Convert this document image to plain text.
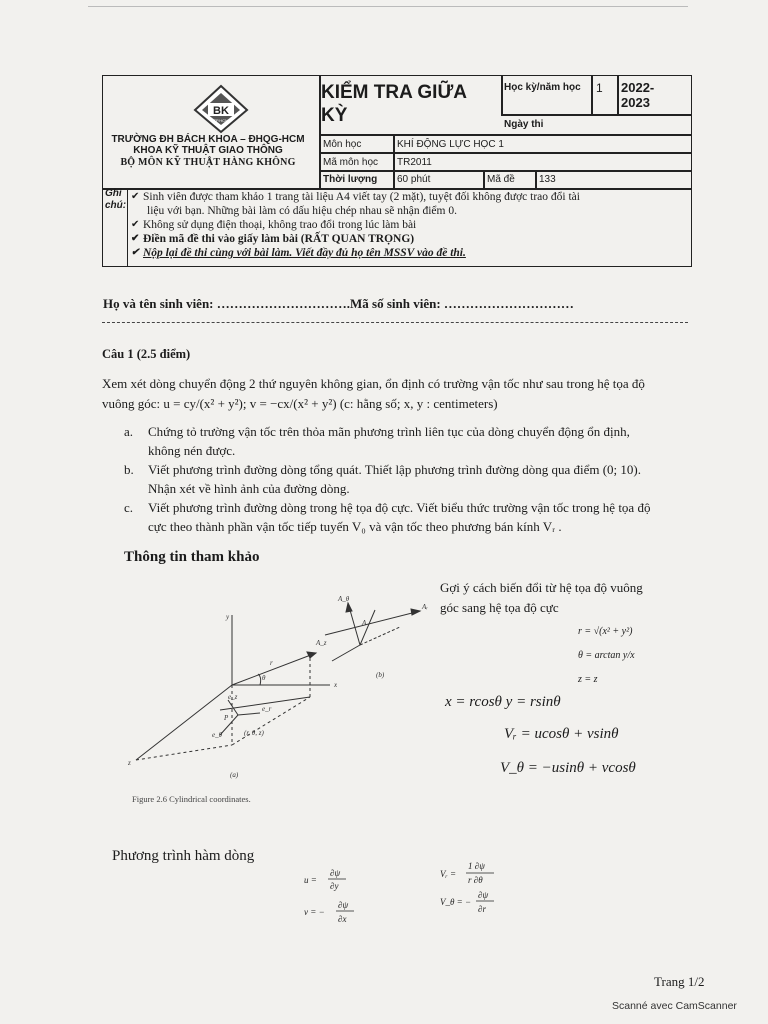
BK
TP.HCM
TRƯỜNG ĐH BÁCH KHOA – ĐHQG-HCM
KHOA KỸ THUẬT GIAO THÔNG
BỘ MÔN KỸ THUẬT HÀNG KHÔNG
KIỂM TRA GIỮA KỲ
Học kỳ/năm học 1 2022-2023
Ngày thi
Môn học	KHÍ ĐỘNG LỰC HỌC 1
Mã môn học TR2011
Thời lượng 60 phút	Mã đề 133
Ghi chú:
✔ Sinh viên được tham khảo 1 trang tài liệu A4 viết tay (2 mặt), tuyệt đối không được trao đổi tài
liệu với bạn. Những bài làm có dấu hiệu chép nhau sẽ nhận điểm 0.
✔ Không sử dụng điện thoại, không trao đổi trong lúc làm bài
✔ Điền mã đề thi vào giấy làm bài (RẤT QUAN TRỌNG)
✔ Nộp lại đề thi cùng với bài làm. Viết đầy đủ họ tên MSSV vào đề thi.
Họ và tên sinh viên: ………………………….Mã số sinh viên: …………………………
Câu 1 (2.5 điểm)
Xem xét dòng chuyển động 2 thứ nguyên không gian, ổn định có trường vận tốc như sau trong hệ tọa độ
vuông góc: u = cy/(x² + y²); v = −cx/(x² + y²) (c: hằng số; x, y : centimeters)
a. Chứng tỏ trường vận tốc trên thỏa mãn phương trình liên tục của dòng chuyển động ổn định,
không nén được.
b. Viết phương trình đường dòng tổng quát. Thiết lập phương trình đường dòng qua điểm (0; 10).
Nhận xét về hình ảnh của đường dòng.
c. Viết phương trình đường dòng trong hệ tọa độ cực. Viết biểu thức trường vận tốc trong hệ tọa độ
cực theo thành phần vận tốc tiếp tuyến V₀ và vận tốc theo phương bán kính Vᵣ .
Thông tin tham khảo
y
x
z
r
θ
(r, θ, z)
P
e_z
e_r
e_θ
A
Aᵣ
A_θ
A_z
(b)
(a)
Figure 2.6 Cylindrical coordinates.
Gợi ý cách biến đổi từ hệ tọa độ vuông
góc sang hệ tọa độ cực
r = √(x² + y²)
θ = arctan y/x
z = z
x = rcosθ y = rsinθ
Vᵣ = ucosθ + vsinθ
V_θ = −usinθ + vcosθ
Phương trình hàm dòng
u =
∂ψ
∂y
v = −
∂ψ
∂x
Vᵣ =
1 ∂ψ
r ∂θ
V_θ = −
∂ψ
∂r
Trang 1/2
Scanné avec CamScanner
